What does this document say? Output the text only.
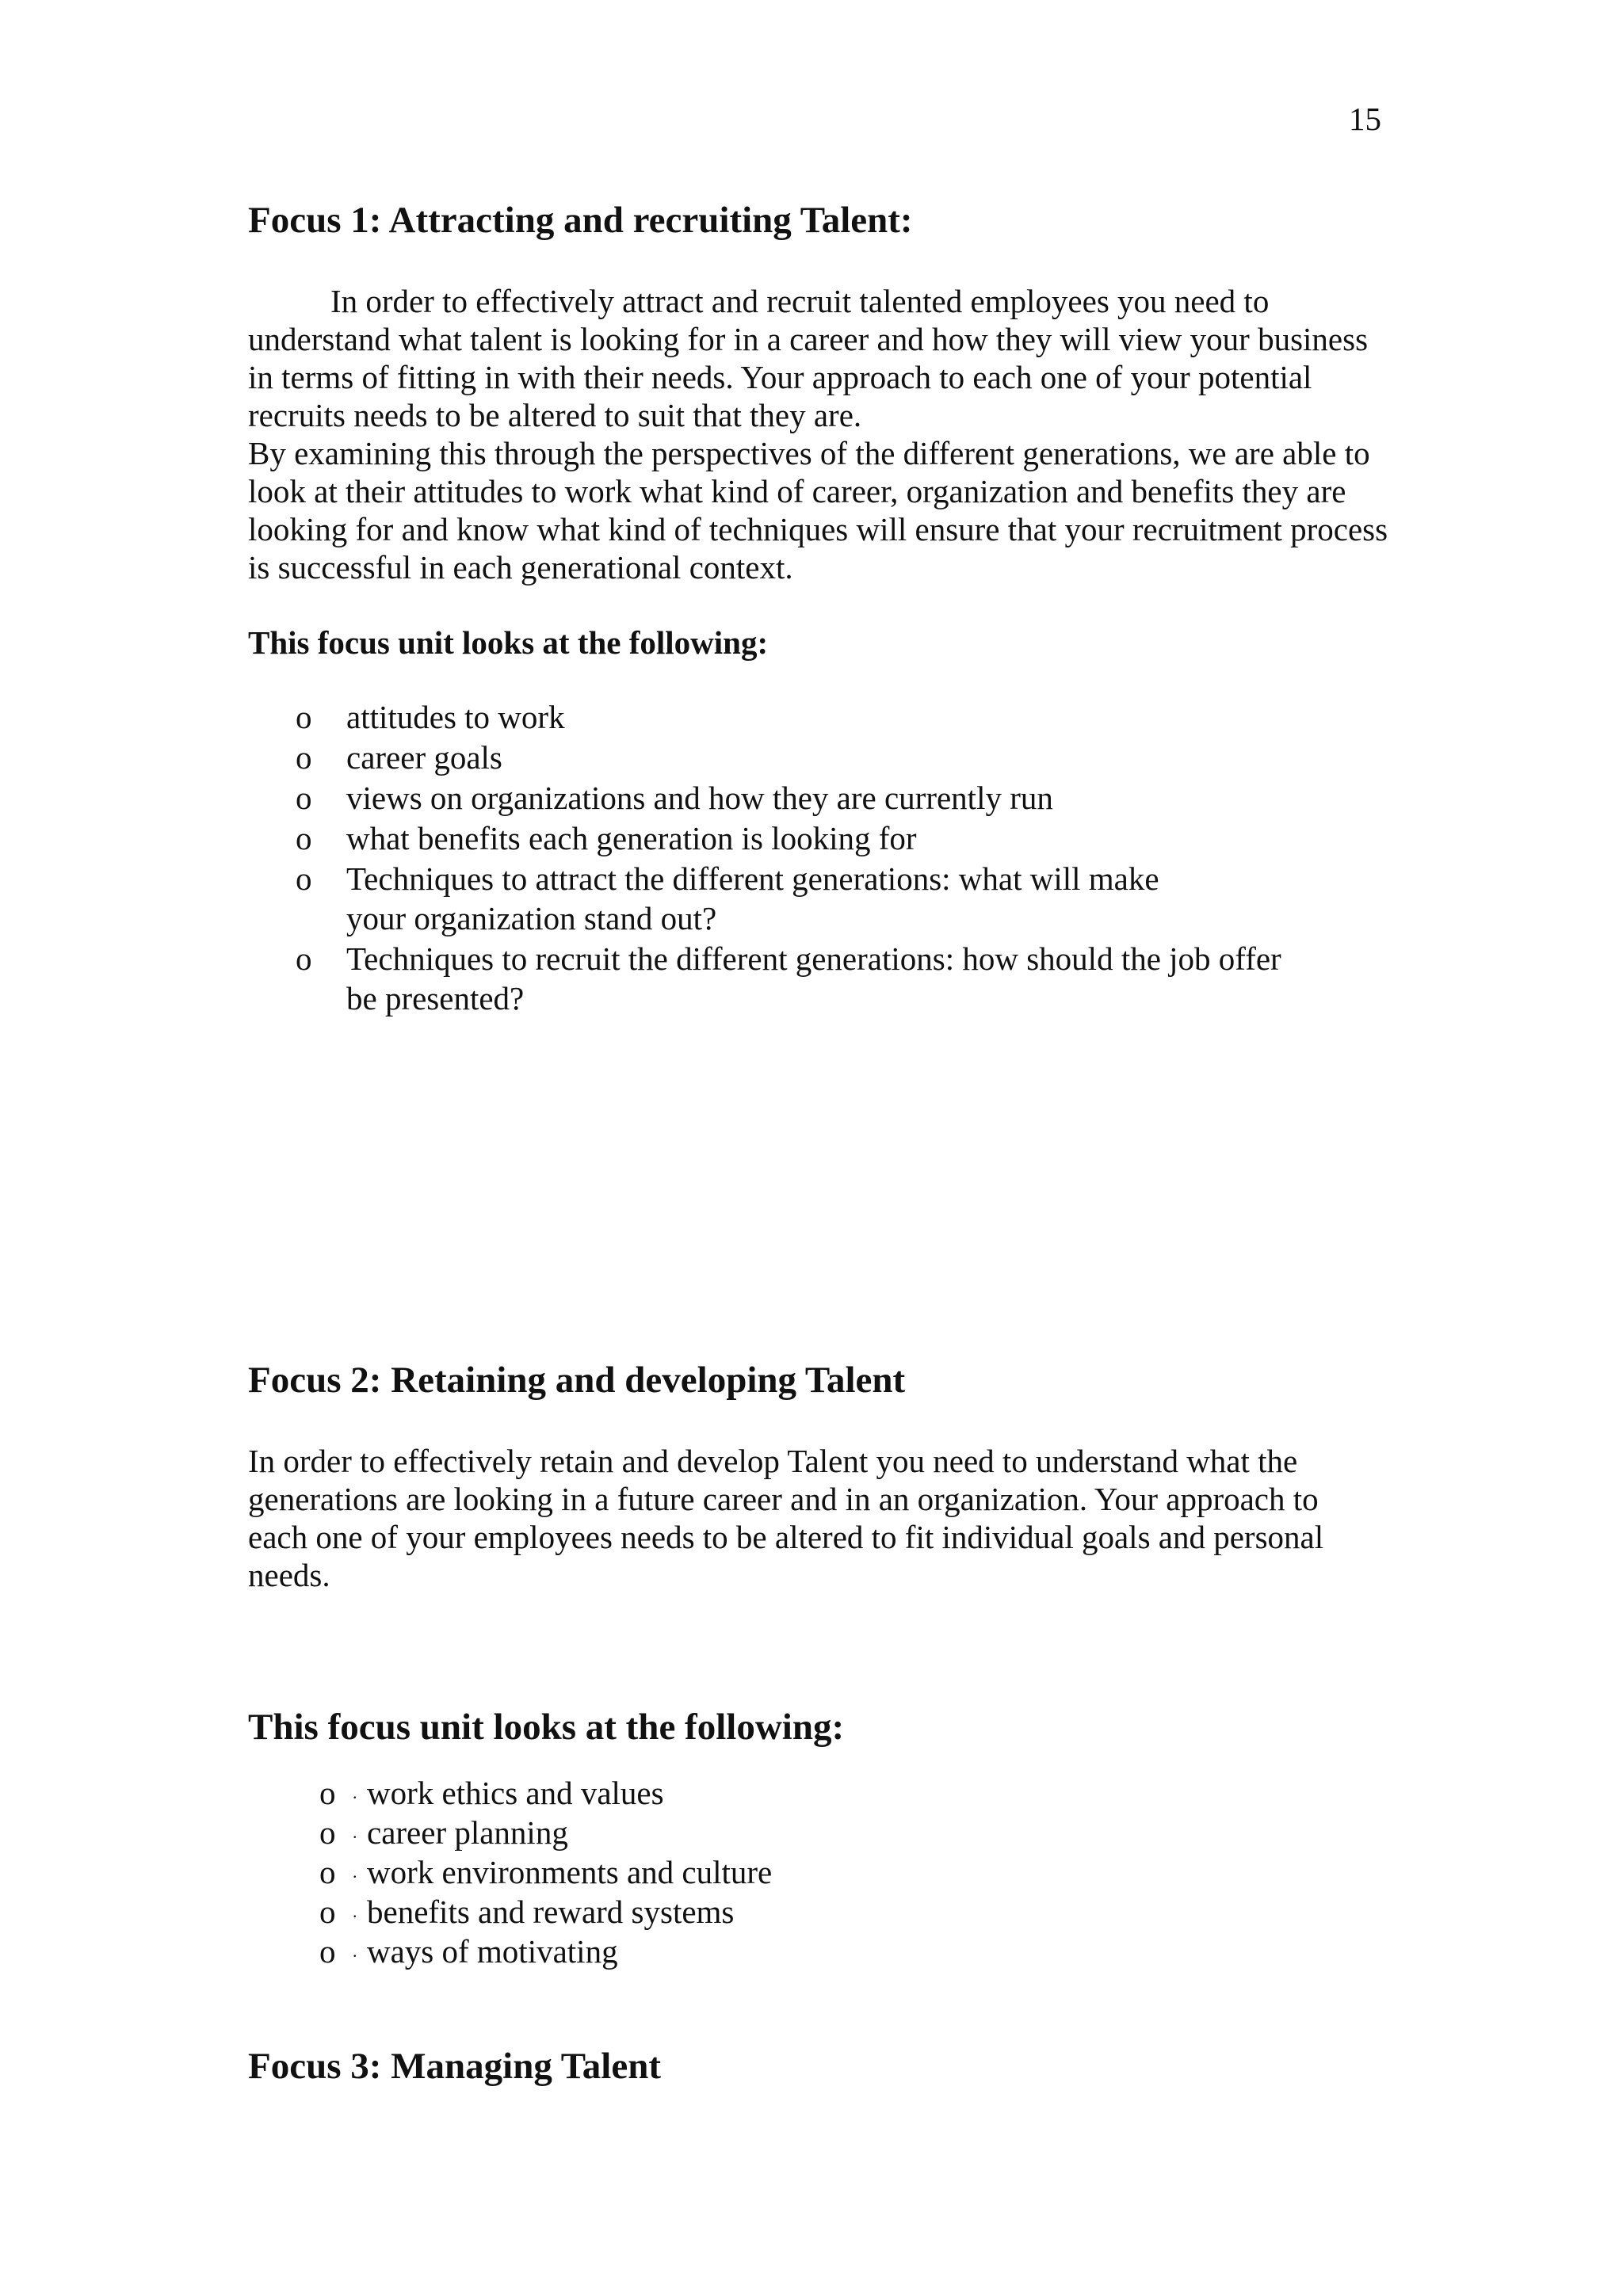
15
Focus 1: Attracting and recruiting Talent:

In order to effectively attract and recruit talented employees you need to understand what talent is looking for in a career and how they will view your business in terms of fitting in with their needs. Your approach to each one of your potential recruits needs to be altered to suit that they are.

By examining this through the perspectives of the different generations, we are able to look at their attitudes to work what kind of career, organization and benefits they are looking for and know what kind of techniques will ensure that your recruitment process is successful in each generational context.

This focus unit looks at the following:
o attitudes to work
o career goals
o views on organizations and how they are currently run
o what benefits each generation is looking for
o Techniques to attract the different generations: what will make your organization stand out?
o Techniques to recruit the different generations: how should the job offer be presented?
Focus 2: Retaining and developing Talent

In order to effectively retain and develop Talent you need to understand what the generations are looking in a future career and in an organization. Your approach to each one of your employees needs to be altered to fit individual goals and personal needs.

This focus unit looks at the following:
o . work ethics and values
o . career planning
o . work environments and culture
o . benefits and reward systems
o . ways of motivating
Focus 3: Managing Talent
